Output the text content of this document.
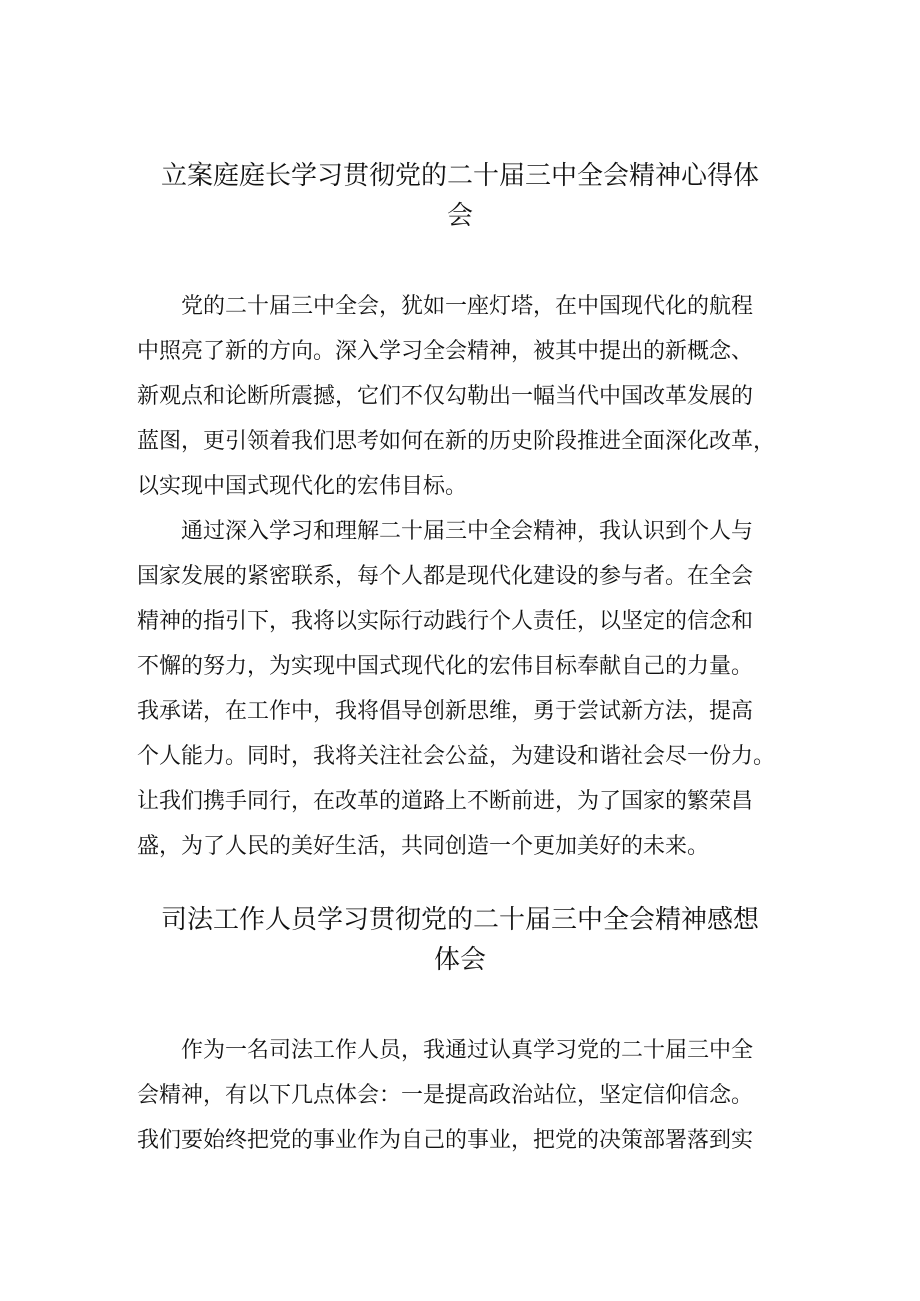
立案庭庭长学习贯彻党的二十届三中全会精神心得体
会
党的二十届三中全会，犹如一座灯塔，在中国现代化的航程
中照亮了新的方向。深入学习全会精神，被其中提出的新概念、
新观点和论断所震撼，它们不仅勾勒出一幅当代中国改革发展的
蓝图，更引领着我们思考如何在新的历史阶段推进全面深化改革，
以实现中国式现代化的宏伟目标。
通过深入学习和理解二十届三中全会精神，我认识到个人与
国家发展的紧密联系，每个人都是现代化建设的参与者。在全会
精神的指引下，我将以实际行动践行个人责任，以坚定的信念和
不懈的努力，为实现中国式现代化的宏伟目标奉献自己的力量。
我承诺，在工作中，我将倡导创新思维，勇于尝试新方法，提高
个人能力。同时，我将关注社会公益，为建设和谐社会尽一份力。
让我们携手同行，在改革的道路上不断前进，为了国家的繁荣昌
盛，为了人民的美好生活，共同创造一个更加美好的未来。
司法工作人员学习贯彻党的二十届三中全会精神感想
体会
作为一名司法工作人员，我通过认真学习党的二十届三中全
会精神，有以下几点体会：一是提高政治站位，坚定信仰信念。
我们要始终把党的事业作为自己的事业，把党的决策部署落到实
